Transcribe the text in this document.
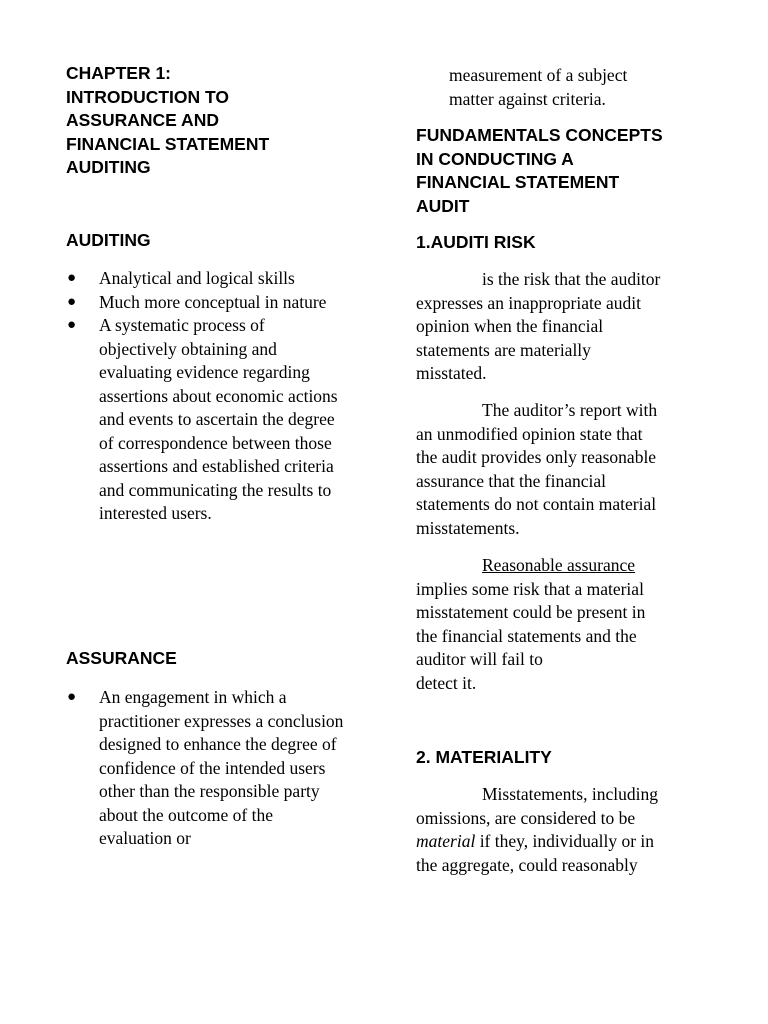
CHAPTER 1:
INTRODUCTION TO
ASSURANCE AND
FINANCIAL STATEMENT
AUDITING
AUDITING
● Analytical and logical skills
● Much more conceptual in nature
● A systematic process of objectively obtaining and evaluating evidence regarding assertions about economic actions and events to ascertain the degree of correspondence between those assertions and established criteria and communicating the results to interested users.
ASSURANCE
● An engagement in which a practitioner expresses a conclusion designed to enhance the degree of confidence of the intended users other than the responsible party about the outcome of the evaluation or

measurement of a subject
matter against criteria.

FUNDAMENTALS CONCEPTS
IN CONDUCTING A
FINANCIAL STATEMENT
AUDIT
1.AUDITI RISK

is the risk that the auditor
expresses an inappropriate audit
opinion when the financial
statements are materially
misstated.

The auditor’s report with
an unmodified opinion state that
the audit provides only reasonable
assurance that the financial
statements do not contain material
misstatements.

Reasonable assurance
implies some risk that a material
misstatement could be present in
the financial statements and the
auditor will fail to
detect it.

2. MATERIALITY

Misstatements, including
omissions, are considered to be
material if they, individually or in
the aggregate, could reasonably
